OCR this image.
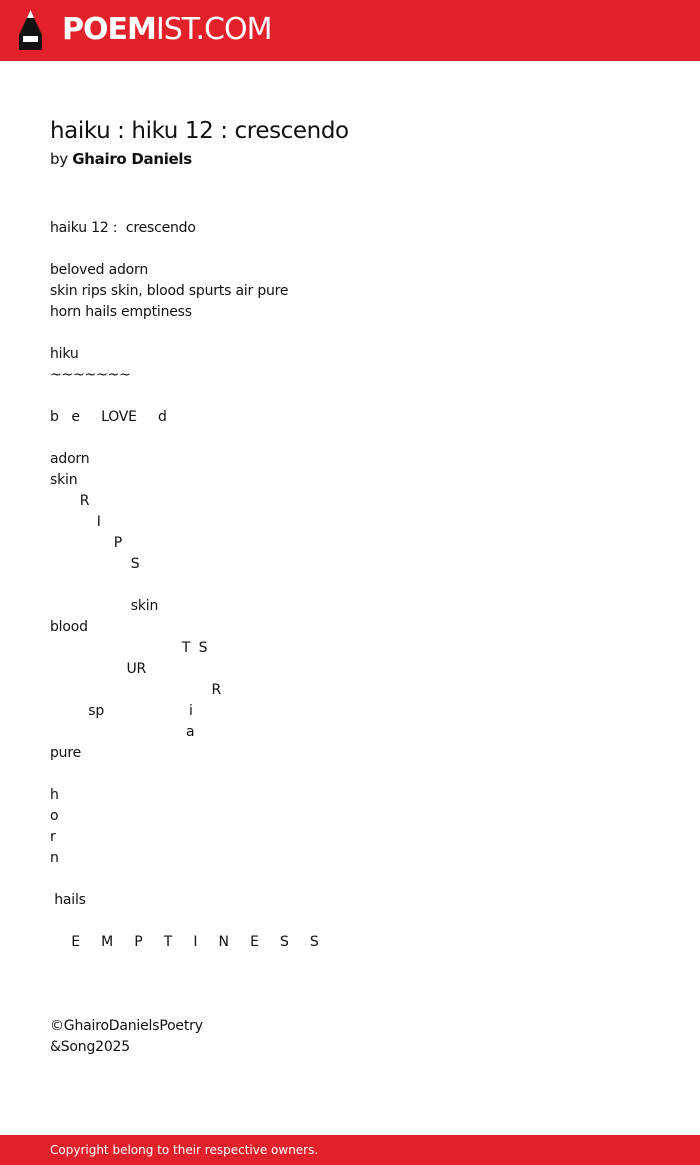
POEMIST.COM
haiku : hiku 12 : crescendo
by Ghairo Daniels
haiku 12 :  crescendo

beloved adorn
skin rips skin, blood spurts air pure
horn hails emptiness

hiku
~~~~~~~

b   e     LOVE     d

adorn
skin
R
I
P
S

skin
blood
T  S
UR
R
sp                    i
a
pure

h
o
r
n

hails

E     M     P     T     I     N     E     S     S

©GhairoDanielsPoetry
&Song2025
Copyright belong to their respective owners.
